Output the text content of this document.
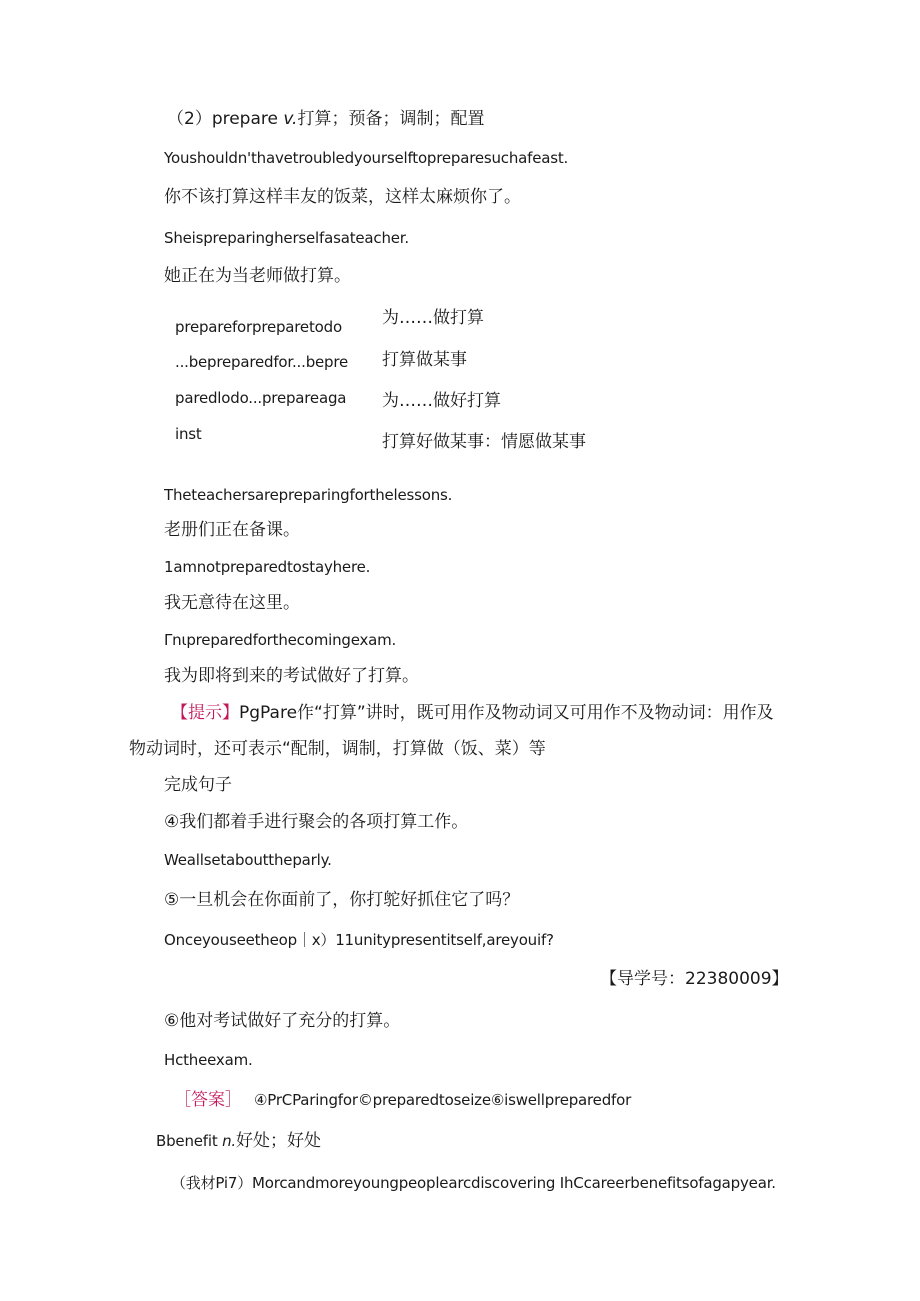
（2）prepare v.打算；预备；调制；配置
Youshouldn'thavetroubledyourselftopreparesuchafeast.
你不该打算这样丰友的饭菜，这样太麻烦你了。
Sheispreparingherselfasateacher.
她正在为当老师做打算。
prepareforpreparetodo
...bepreparedfor...bepre
paredlodo...prepareaga
inst
为……做打算
打算做某事
为……做好打算
打算好做某事：情愿做某事
Theteachersarepreparingforthelessons.
老册们正在备课。
1amnotpreparedtostayhere.
我无意待在这里。
Γnιpreparedforthecomingexam.
我为即将到来的考试做好了打算。
【提示】PgPare作“打算”讲时，既可用作及物动词又可用作不及物动词：用作及
物动词时，还可表示“配制，调制，打算做（饭、菜）等
完成句子
④我们都着手进行聚会的各项打算工作。
Weallsetabouttheparly.
⑤一旦机会在你面前了，你打鸵好抓住它了吗？
Onceyouseetheop｜x）11unitypresentitself,areyouif?
【导学号：22380009】
⑥他对考试做好了充分的打算。
Hctheexam.
［答案］ ④PrCParingfor©preparedtoseize⑥iswellpreparedfor
Bbenefit n.好处；好处
（我材Pi7）Morcandmoreyoungpeoplearcdiscovering IhCcareerbenefitsofagapyear.
